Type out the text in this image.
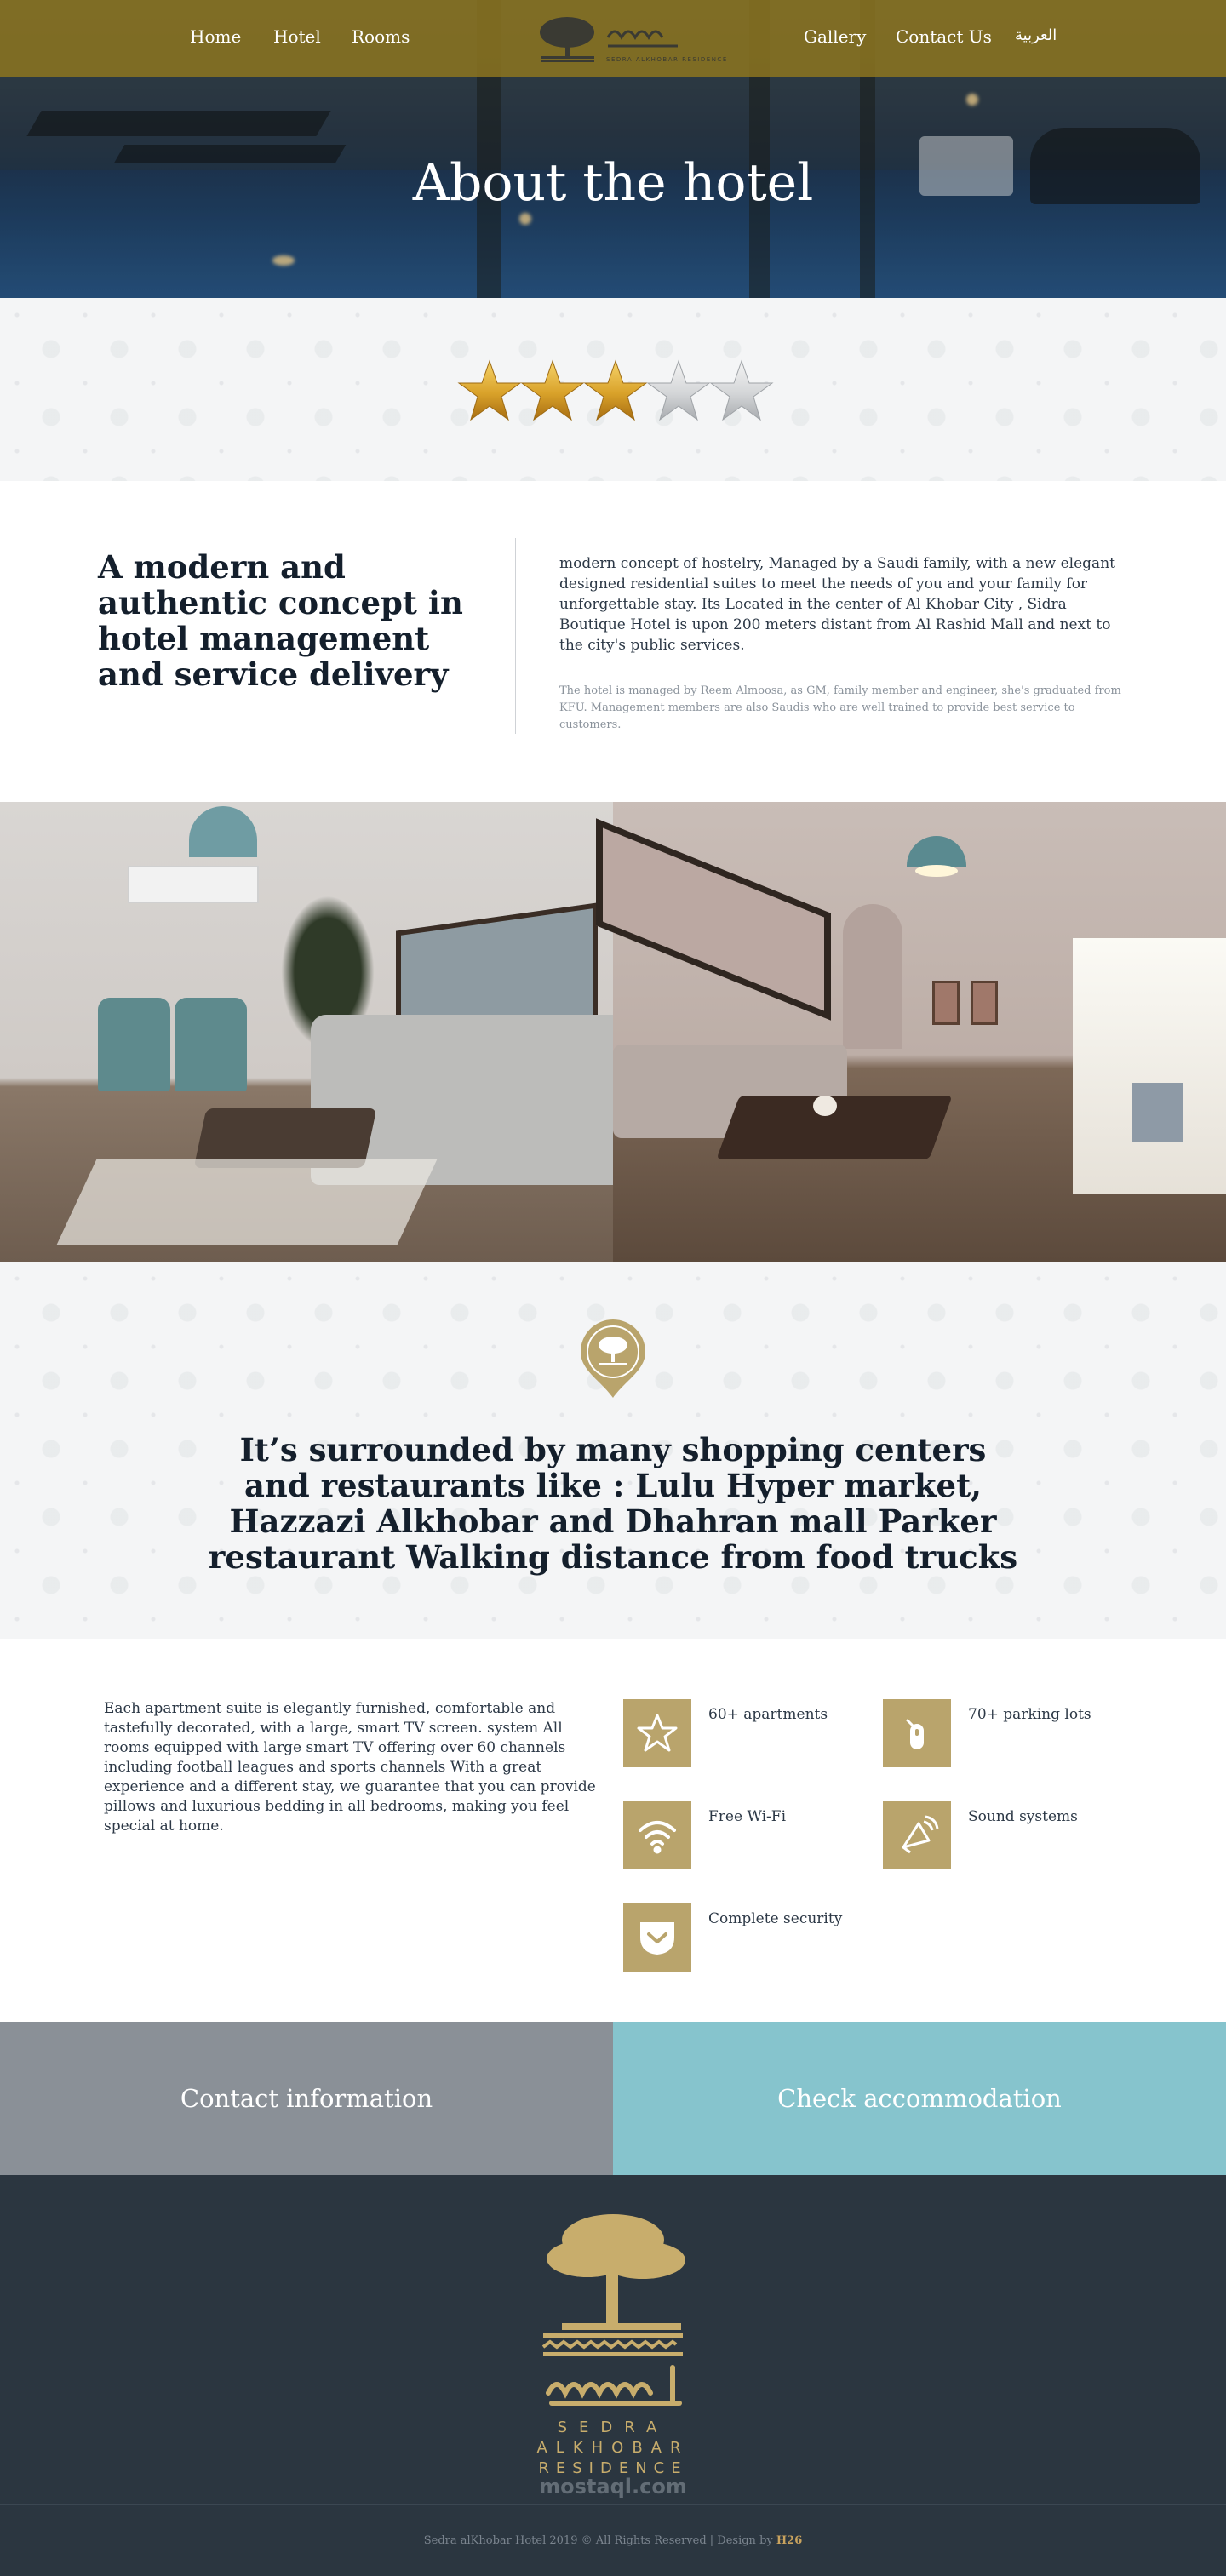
Home Hotel Rooms
SEDRA ALKHOBAR RESIDENCE
Gallery Contact Us العربية
About the hotel
A modern and authentic concept in hotel management and service delivery

modern concept of hostelry, Managed by a Saudi family, with a new elegant designed residential suites to meet the needs of you and your family for unforgettable stay. Its Located in the center of Al Khobar City , Sidra Boutique Hotel is upon 200 meters distant from Al Rashid Mall and next to the city's public services.

The hotel is managed by Reem Almoosa, as GM, family member and engineer, she's graduated from KFU. Management members are also Saudis who are well trained to provide best service to customers.

It’s surrounded by many shopping centers and restaurants like : Lulu Hyper market, Hazzazi Alkhobar and Dhahran mall Parker restaurant Walking distance from food trucks

Each apartment suite is elegantly furnished, comfortable and tastefully decorated, with a large, smart TV screen. system All rooms equipped with large smart TV offering over 60 channels including football leagues and sports channels With a great experience and a different stay, we guarantee that you can provide pillows and luxurious bedding in all bedrooms, making you feel special at home.

60+ apartments	70+ parking lots
Free Wi-Fi	Sound systems
Complete security
Contact information	Check accommodation
SEDRA
ALKHOBAR
RESIDENCE
mostaql.com
Sedra alKhobar Hotel 2019 © All Rights Reserved | Design by H26
